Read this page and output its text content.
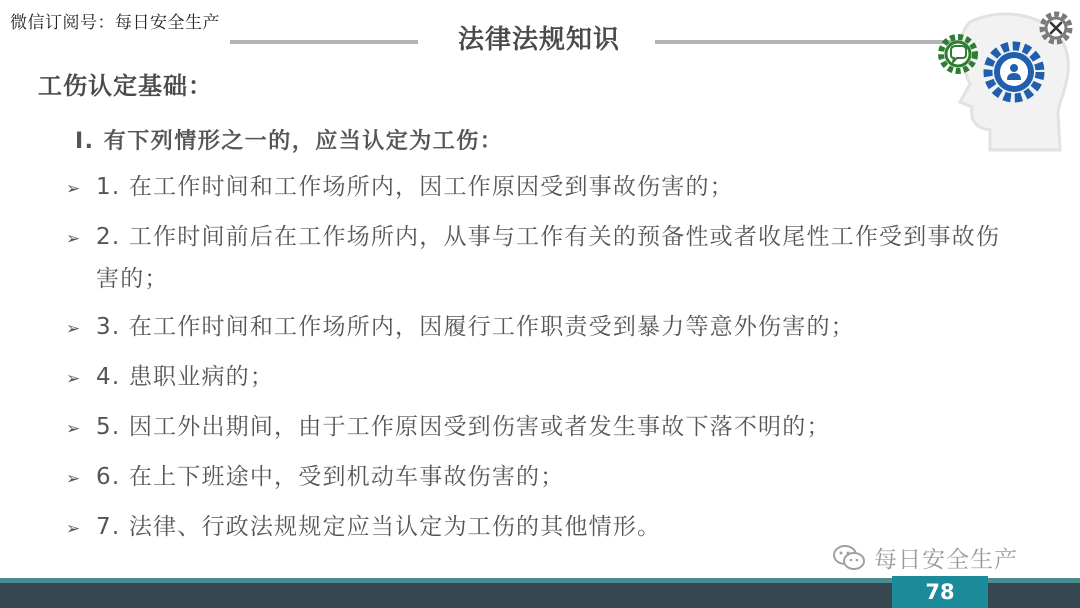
微信订阅号：每日安全生产
法律法规知识
工伤认定基础：
Ⅰ. 有下列情形之一的，应当认定为工伤：
➢ 1. 在工作时间和工作场所内，因工作原因受到事故伤害的；
➢ 2. 工作时间前后在工作场所内，从事与工作有关的预备性或者收尾性工作受到事故伤害的；
➢ 3. 在工作时间和工作场所内，因履行工作职责受到暴力等意外伤害的；
➢ 4. 患职业病的；
➢ 5. 因工外出期间，由于工作原因受到伤害或者发生事故下落不明的；
➢ 6. 在上下班途中，受到机动车事故伤害的；
➢ 7. 法律、行政法规规定应当认定为工伤的其他情形。
每日安全生产
78
